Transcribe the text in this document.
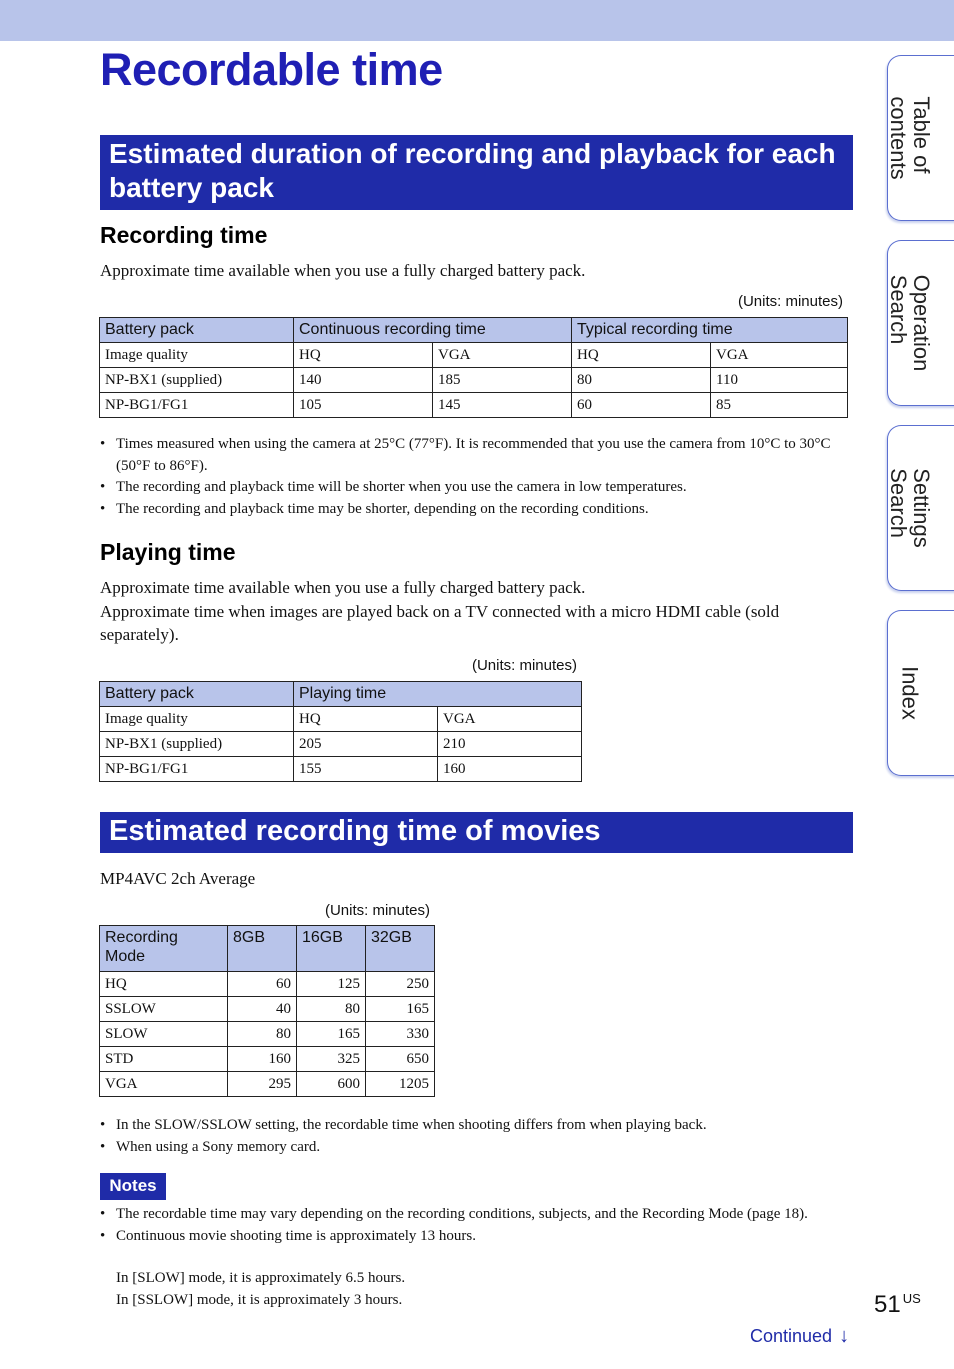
Recordable time
Estimated duration of recording and playback for each battery pack
Recording time

Approximate time available when you use a fully charged battery pack.

(Units: minutes)
Battery pack	Continuous recording time		Typical recording time	
Image quality	HQ	VGA	HQ	VGA
NP-BX1 (supplied)	140	185	80	110
NP-BG1/FG1	105	145	60	85
• Times measured when using the camera at 25°C (77°F). It is recommended that you use the camera from 10°C to 30°C (50°F to 86°F).
• The recording and playback time will be shorter when you use the camera in low temperatures.
• The recording and playback time may be shorter, depending on the recording conditions.
Playing time

Approximate time available when you use a fully charged battery pack.

Approximate time when images are played back on a TV connected with a micro HDMI cable (sold separately).

(Units: minutes)
Battery pack	Playing time	
Image quality	HQ	VGA
NP-BX1 (supplied)	205	210
NP-BG1/FG1	155	160
Estimated recording time of movies

MP4AVC 2ch Average

(Units: minutes)
Recording Mode	8GB	16GB	32GB
HQ	60	125	250
SSLOW	40	80	165
SLOW	80	165	330
STD	160	325	650
VGA	295	600	1205
• In the SLOW/SSLOW setting, the recordable time when shooting differs from when playing back.
• When using a Sony memory card.
Notes
• The recordable time may vary depending on the recording conditions, subjects, and the Recording Mode (page 18).
• Continuous movie shooting time is approximately 13 hours.
In [SLOW] mode, it is approximately 6.5 hours.
In [SSLOW] mode, it is approximately 3 hours.
Table of
contents
Operation
Search
Settings
Search
Index
51 $^{US}$
Continued ↓
